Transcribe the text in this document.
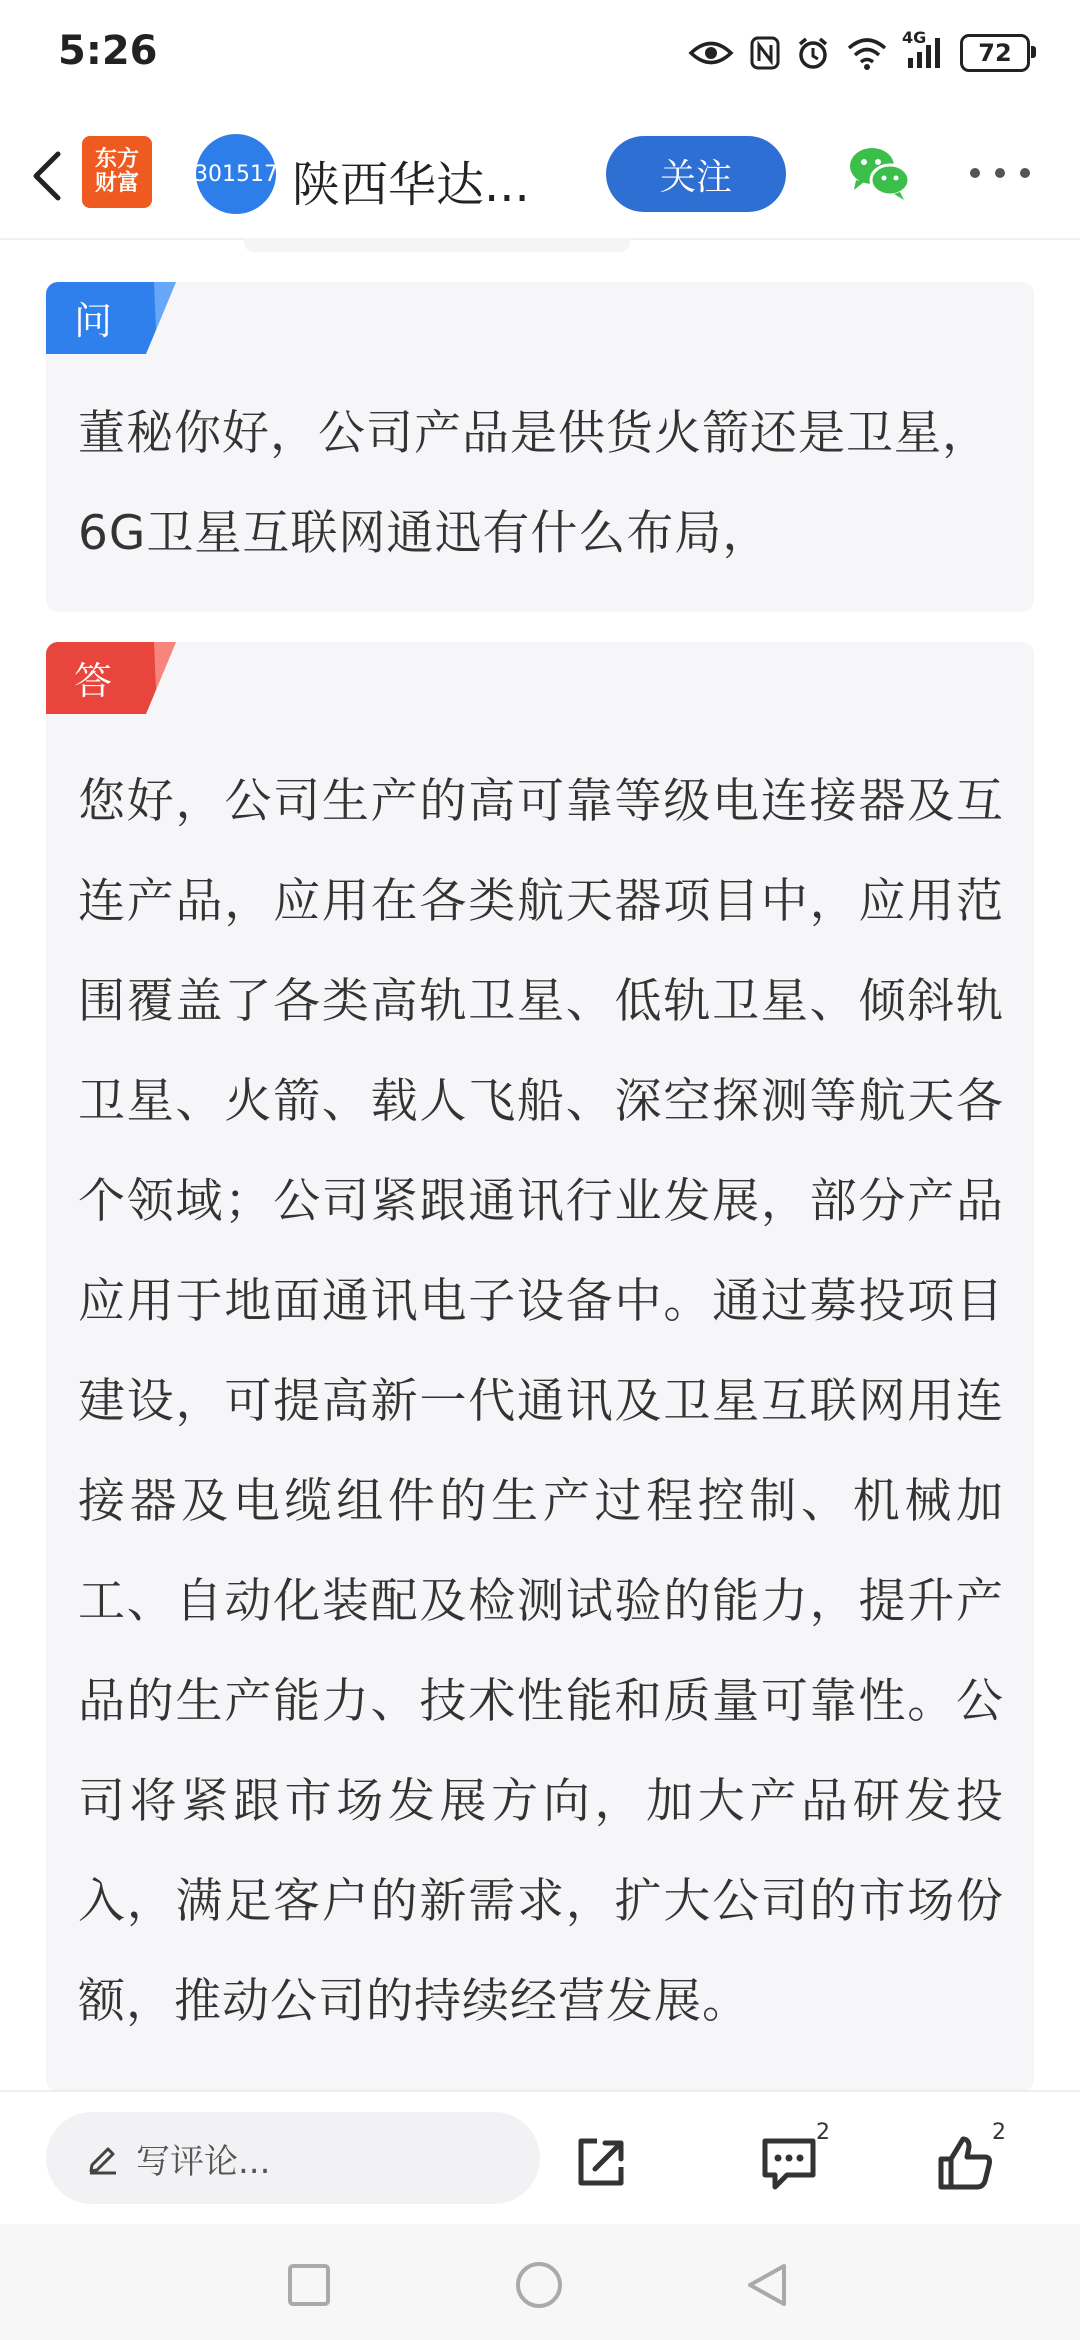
5:26	4G
72
东方
财富	301517 陕西华达...	关注
问
董秘你好，公司产品是供货火箭还是卫星，6G卫星互联网通迅有什么布局，
答
您好，公司生产的高可靠等级电连接器及互连产品，应用在各类航天器项目中，应用范围覆盖了各类高轨卫星、低轨卫星、倾斜轨卫星、火箭、载人飞船、深空探测等航天各个领域；公司紧跟通讯行业发展，部分产品应用于地面通讯电子设备中。通过募投项目建设，可提高新一代通讯及卫星互联网用连接器及电缆组件的生产过程控制、机械加工、自动化装配及检测试验的能力，提升产品的生产能力、技术性能和质量可靠性。公司将紧跟市场发展方向，加大产品研发投入，满足客户的新需求，扩大公司的市场份额，推动公司的持续经营发展。
写评论...
2	2
